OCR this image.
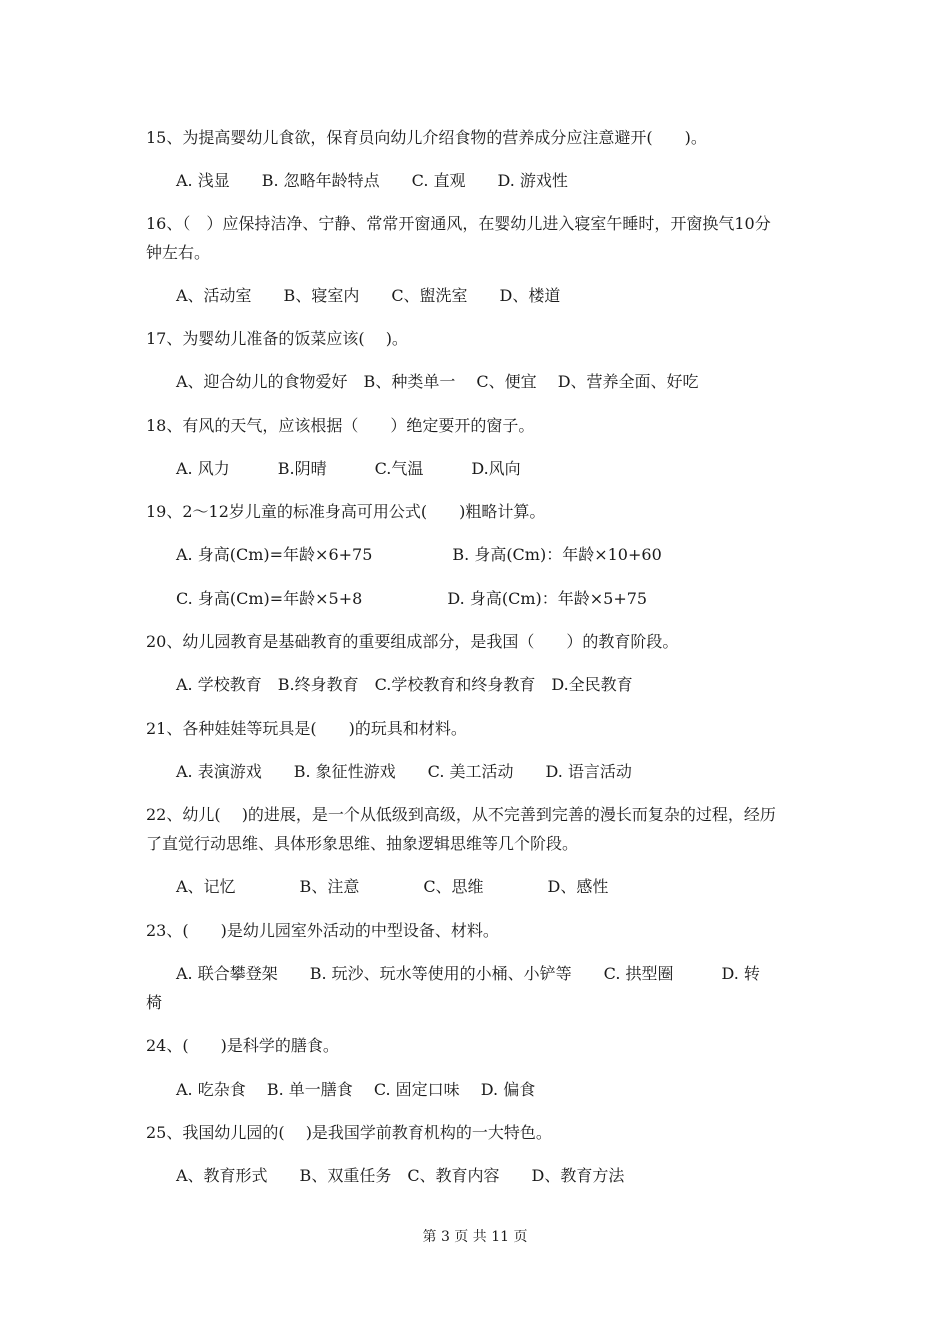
15、为提高婴幼儿食欲，保育员向幼儿介绍食物的营养成分应注意避开(　　)。
A. 浅显　　B. 忽略年龄特点　　C. 直观　　D. 游戏性
16、（　）应保持洁净、宁静、常常开窗通风，在婴幼儿进入寝室午睡时，开窗换气10分
钟左右。
A、活动室　　B、寝室内　　C、盥洗室　　D、楼道
17、为婴幼儿准备的饭菜应该(　 )。
A、迎合幼儿的食物爱好　B、种类单一　 C、便宜　 D、营养全面、好吃
18、有风的天气，应该根据（　　）绝定要开的窗子。
A. 风力　　　B.阴晴　　　C.气温　　　D.风向
19、2～12岁儿童的标准身高可用公式(　　)粗略计算。
A. 身高(Cm)=年龄×6+75　　　　　B. 身高(Cm)：年龄×10+60
C. 身高(Cm)=年龄×5+8　　　　　 D. 身高(Cm)：年龄×5+75
20、幼儿园教育是基础教育的重要组成部分，是我国（　　）的教育阶段。
A. 学校教育　B.终身教育　C.学校教育和终身教育　D.全民教育
21、各种娃娃等玩具是(　　)的玩具和材料。
A. 表演游戏　　B. 象征性游戏　　C. 美工活动　　D. 语言活动
22、幼儿(　 )的进展，是一个从低级到高级，从不完善到完善的漫长而复杂的过程，经历
了直觉行动思维、具体形象思维、抽象逻辑思维等几个阶段。
A、记忆　　　　B、注意　　　　C、思维　　　　D、感性
23、(　　)是幼儿园室外活动的中型设备、材料。
A. 联合攀登架　　B. 玩沙、玩水等使用的小桶、小铲等　　C. 拱型圈　　　D. 转
椅
24、(　　)是科学的膳食。
A. 吃杂食　 B. 单一膳食　 C. 固定口味　 D. 偏食
25、我国幼儿园的(　 )是我国学前教育机构的一大特色。
A、教育形式　　B、双重任务　C、教育内容　　D、教育方法
第 3 页 共 11 页
